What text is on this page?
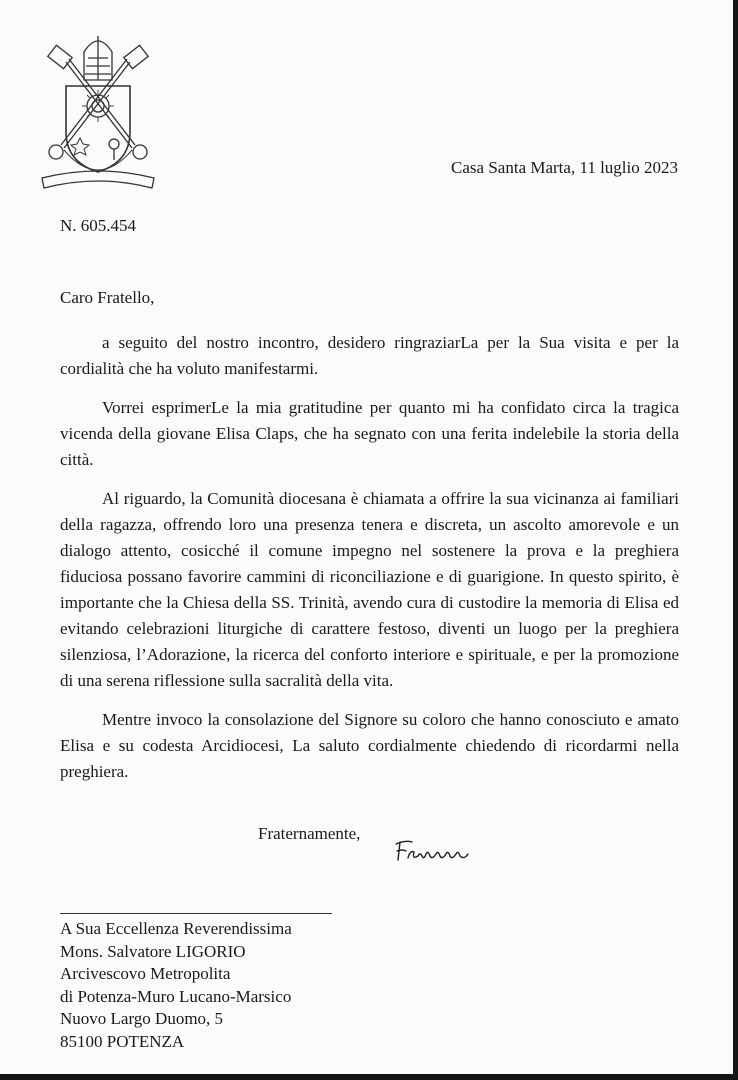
Casa Santa Marta, 11 luglio 2023
N. 605.454
Caro Fratello,

a seguito del nostro incontro, desidero ringraziarLa per la Sua visita e per la cordialità che ha voluto manifestarmi.

Vorrei esprimerLe la mia gratitudine per quanto mi ha confidato circa la tragica vicenda della giovane Elisa Claps, che ha segnato con una ferita indelebile la storia della città.

Al riguardo, la Comunità diocesana è chiamata a offrire la sua vicinanza ai familiari della ragazza, offrendo loro una presenza tenera e discreta, un ascolto amorevole e un dialogo attento, cosicché il comune impegno nel sostenere la prova e la preghiera fiduciosa possano favorire cammini di riconciliazione e di guarigione. In questo spirito, è importante che la Chiesa della SS. Trinità, avendo cura di custodire la memoria di Elisa ed evitando celebrazioni liturgiche di carattere festoso, diventi un luogo per la preghiera silenziosa, l’Adorazione, la ricerca del conforto interiore e spirituale, e per la promozione di una serena riflessione sulla sacralità della vita.

Mentre invoco la consolazione del Signore su coloro che hanno conosciuto e amato Elisa e su codesta Arcidiocesi, La saluto cordialmente chiedendo di ricordarmi nella preghiera.

Fraternamente,
A Sua Eccellenza Reverendissima
Mons. Salvatore LIGORIO
Arcivescovo Metropolita
di Potenza-Muro Lucano-Marsico
Nuovo Largo Duomo, 5
85100 POTENZA
